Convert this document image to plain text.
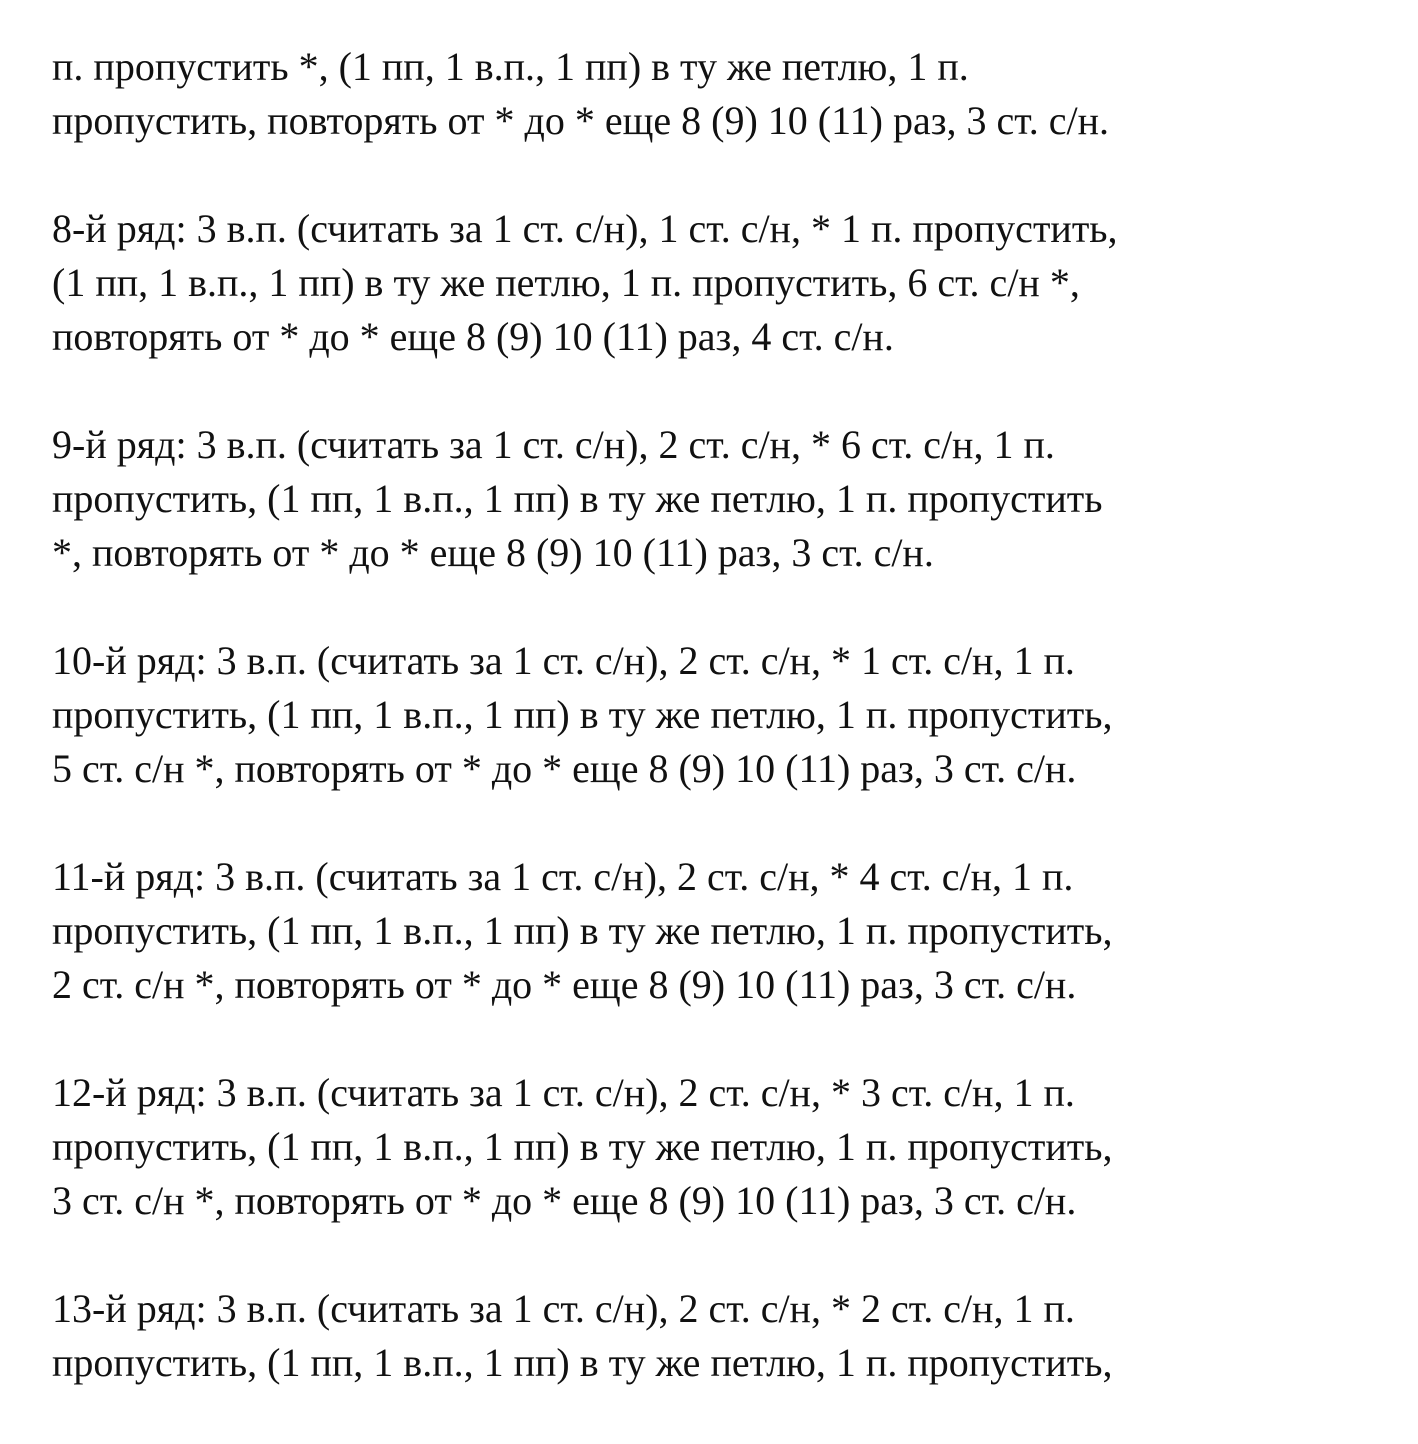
п. пропустить *, (1 пп, 1 в.п., 1 пп) в ту же петлю, 1 п.
пропустить, повторять от * до * еще 8 (9) 10 (11) раз, 3 ст. с/н.

8-й ряд: 3 в.п. (считать за 1 ст. с/н), 1 ст. с/н, * 1 п. пропустить,
(1 пп, 1 в.п., 1 пп) в ту же петлю, 1 п. пропустить, 6 ст. с/н *,
повторять от * до * еще 8 (9) 10 (11) раз, 4 ст. с/н.

9-й ряд: 3 в.п. (считать за 1 ст. с/н), 2 ст. с/н, * 6 ст. с/н, 1 п.
пропустить, (1 пп, 1 в.п., 1 пп) в ту же петлю, 1 п. пропустить
*, повторять от * до * еще 8 (9) 10 (11) раз, 3 ст. с/н.

10-й ряд: 3 в.п. (считать за 1 ст. с/н), 2 ст. с/н, * 1 ст. с/н, 1 п.
пропустить, (1 пп, 1 в.п., 1 пп) в ту же петлю, 1 п. пропустить,
5 ст. с/н *, повторять от * до * еще 8 (9) 10 (11) раз, 3 ст. с/н.

11-й ряд: 3 в.п. (считать за 1 ст. с/н), 2 ст. с/н, * 4 ст. с/н, 1 п.
пропустить, (1 пп, 1 в.п., 1 пп) в ту же петлю, 1 п. пропустить,
2 ст. с/н *, повторять от * до * еще 8 (9) 10 (11) раз, 3 ст. с/н.

12-й ряд: 3 в.п. (считать за 1 ст. с/н), 2 ст. с/н, * 3 ст. с/н, 1 п.
пропустить, (1 пп, 1 в.п., 1 пп) в ту же петлю, 1 п. пропустить,
3 ст. с/н *, повторять от * до * еще 8 (9) 10 (11) раз, 3 ст. с/н.

13-й ряд: 3 в.п. (считать за 1 ст. с/н), 2 ст. с/н, * 2 ст. с/н, 1 п.
пропустить, (1 пп, 1 в.п., 1 пп) в ту же петлю, 1 п. пропустить,
